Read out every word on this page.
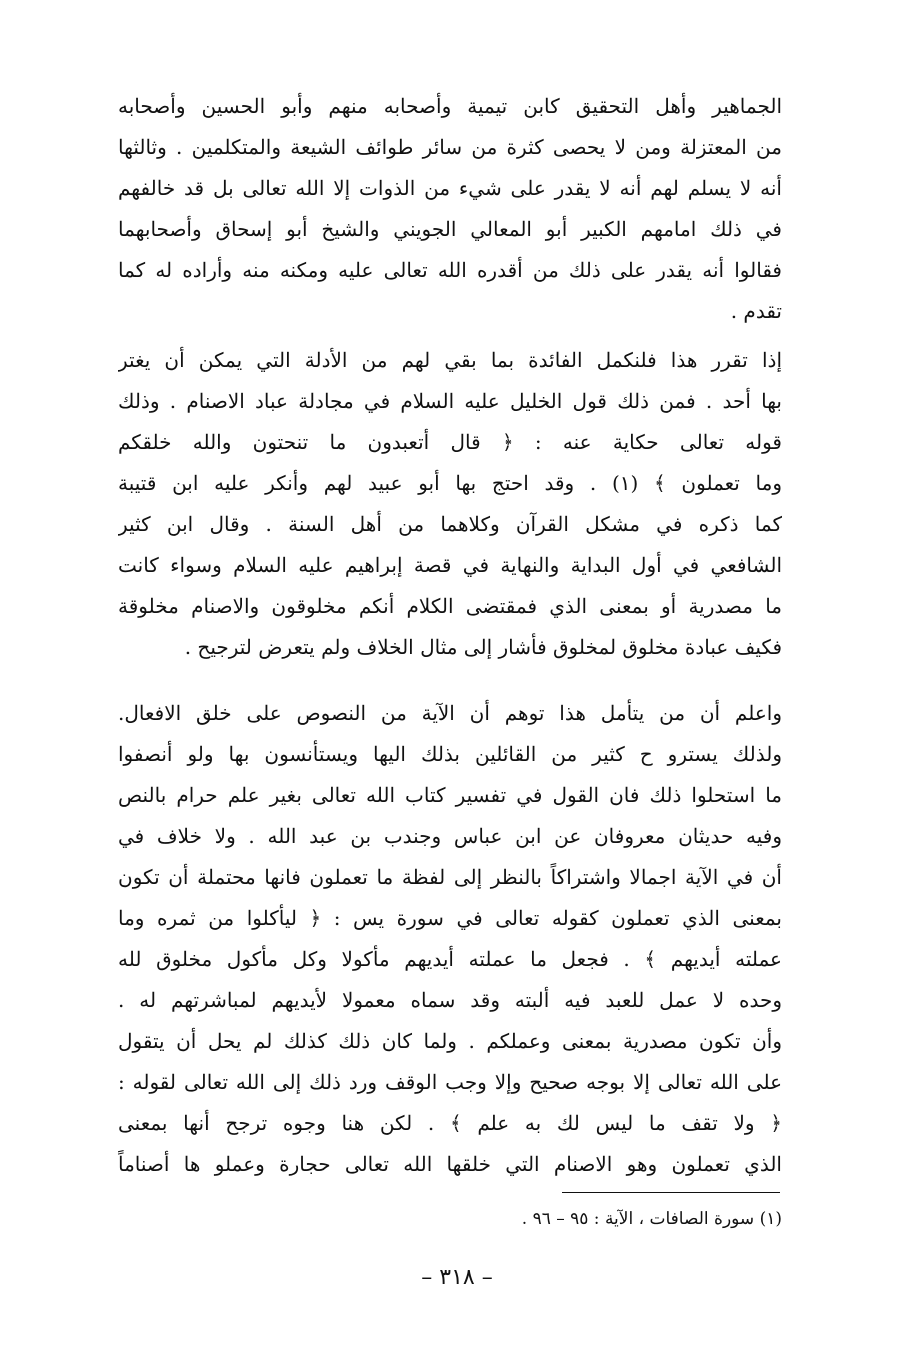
الجماهير وأهل التحقيق كابن تيمية وأصحابه منهم وأبو الحسين وأصحابه
من المعتزلة ومن لا يحصى كثرة من سائر طوائف الشيعة والمتكلمين . وثالثها
أنه لا يسلم لهم أنه لا يقدر على شيء من الذوات إلا الله تعالى بل قد خالفهم
في ذلك امامهم الكبير أبو المعالي الجويني والشيخ أبو إسحاق وأصحابهما
فقالوا أنه يقدر على ذلك من أقدره الله تعالى عليه ومكنه منه وأراده له كما
تقدم .
إذا تقرر هذا فلنكمل الفائدة بما بقي لهم من الأدلة التي يمكن أن يغتر
بها أحد . فمن ذلك قول الخليل عليه السلام في مجادلة عباد الاصنام . وذلك
قوله تعالى حكاية عنه : ﴿ قال أتعبدون ما تنحتون والله خلقكم
وما تعملون ﴾ (١) . وقد احتج بها أبو عبيد لهم وأنكر عليه ابن قتيبة
كما ذكره في مشكل القرآن وكلاهما من أهل السنة . وقال ابن كثير
الشافعي في أول البداية والنهاية في قصة إبراهيم عليه السلام وسواء كانت
ما مصدرية أو بمعنى الذي فمقتضى الكلام أنكم مخلوقون والاصنام مخلوقة
فكيف عبادة مخلوق لمخلوق فأشار إلى مثال الخلاف ولم يتعرض لترجيح .
واعلم أن من يتأمل هذا توهم أن الآية من النصوص على خلق الافعال.
ولذلك يسترو ح كثير من القائلين بذلك اليها ويستأنسون بها ولو أنصفوا
ما استحلوا ذلك فان القول في تفسير كتاب الله تعالى بغير علم حرام بالنص
وفيه حديثان معروفان عن ابن عباس وجندب بن عبد الله . ولا خلاف في
أن في الآية اجمالا واشتراكاً بالنظر إلى لفظة ما تعملون فانها محتملة أن تكون
بمعنى الذي تعملون كقوله تعالى في سورة يس : ﴿ ليأكلوا من ثمره وما
عملته أيديهم ﴾ . فجعل ما عملته أيديهم مأكولا وكل مأكول مخلوق لله
وحده لا عمل للعبد فيه ألبته وقد سماه معمولا لأيديهم لمباشرتهم له .
وأن تكون مصدرية بمعنى وعملكم . ولما كان ذلك كذلك لم يحل أن يتقول
على الله تعالى إلا بوجه صحيح وإلا وجب الوقف ورد ذلك إلى الله تعالى لقوله :
﴿ ولا تقف ما ليس لك به علم ﴾ . لكن هنا وجوه ترجح أنها بمعنى
الذي تعملون وهو الاصنام التي خلقها الله تعالى حجارة وعملو ها أصناماً
(١) سورة الصافات ، الآية : ٩٥ – ٩٦ .
– ٣١٨ –
